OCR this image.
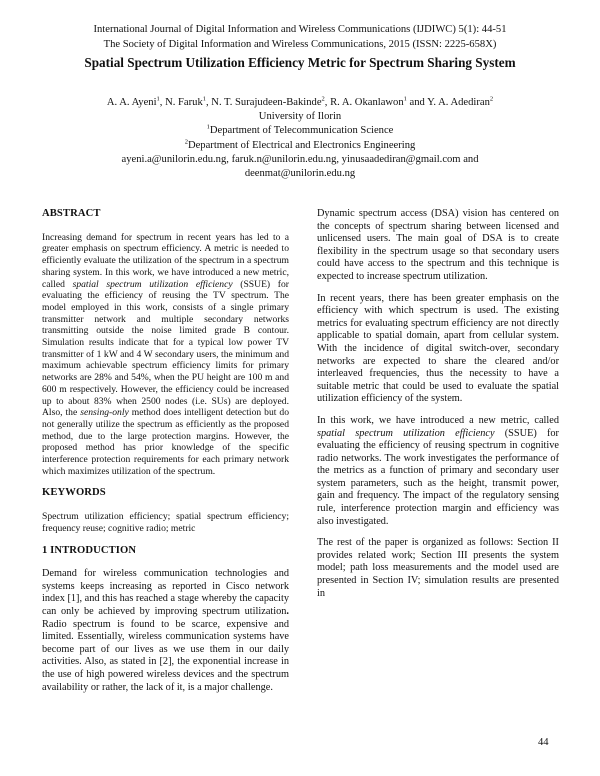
International Journal of Digital Information and Wireless Communications (IJDIWC) 5(1): 44-51
The Society of Digital Information and Wireless Communications, 2015 (ISSN: 2225-658X)
Spatial Spectrum Utilization Efficiency Metric for Spectrum Sharing System
A. A. Ayeni$^1$, N. Faruk$^1$, N. T. Surajudeen-Bakinde$^2$, R. A. Okanlawon$^1$ and Y. A. Adediran$^2$
University of Ilorin
$^1$Department of Telecommunication Science
$^2$Department of Electrical and Electronics Engineering
ayeni.a@unilorin.edu.ng, faruk.n@unilorin.edu.ng, yinusaadediran@gmail.com and
deenmat@unilorin.edu.ng
ABSTRACT

Increasing demand for spectrum in recent years has led to a greater emphasis on spectrum efficiency. A metric is needed to efficiently evaluate the utilization of the spectrum in a spectrum sharing system. In this work, we have introduced a new metric, called spatial spectrum utilization efficiency (SSUE) for evaluating the efficiency of reusing the TV spectrum. The model employed in this work, consists of a single primary transmitter network and multiple secondary networks transmitting outside the noise limited grade B contour. Simulation results indicate that for a typical low power TV transmitter of 1 kW and 4 W secondary users, the minimum and maximum achievable spectrum efficiency limits for primary networks are 28% and 54%, when the PU height are 100 m and 600 m respectively. However, the efficiency could be increased up to about 83% when 2500 nodes (i.e. SUs) are deployed. Also, the sensing-only method does intelligent detection but do not generally utilize the spectrum as efficiently as the proposed method, due to the large protection margins. However, the proposed method has prior knowledge of the specific interference protection requirements for each primary network which maximizes utilization of the spectrum.

KEYWORDS

Spectrum utilization efficiency; spatial spectrum efficiency; frequency reuse; cognitive radio; metric

1 INTRODUCTION

Demand for wireless communication technologies and systems keeps increasing as reported in Cisco network index [1], and this has reached a stage whereby the capacity can only be achieved by improving spectrum utilization. Radio spectrum is found to be scarce, expensive and limited. Essentially, wireless communication systems have become part of our lives as we use them in our daily activities. Also, as stated in [2], the exponential increase in the use of high powered wireless devices and the spectrum availability or rather, the lack of it, is a major challenge.

Dynamic spectrum access (DSA) vision has centered on the concepts of spectrum sharing between licensed and unlicensed users. The main goal of DSA is to create flexibility in the spectrum usage so that secondary users could have access to the spectrum and this technique is expected to increase spectrum utilization.

In recent years, there has been greater emphasis on the efficiency with which spectrum is used. The existing metrics for evaluating spectrum efficiency are not directly applicable to spatial domain, apart from cellular system. With the incidence of digital switch-over, secondary networks are expected to share the cleared and/or interleaved frequencies, thus the necessity to have a suitable metric that could be used to evaluate the spatial utilization efficiency of the system.

In this work, we have introduced a new metric, called spatial spectrum utilization efficiency (SSUE) for evaluating the efficiency of reusing spectrum in cognitive radio networks. The work investigates the performance of the metrics as a function of primary and secondary user system parameters, such as the height, transmit power, gain and frequency. The impact of the regulatory sensing rule, interference protection margin and efficiency was also investigated.

The rest of the paper is organized as follows: Section II provides related work; Section III presents the system model; path loss measurements and the model used are presented in Section IV; simulation results are presented in

44
